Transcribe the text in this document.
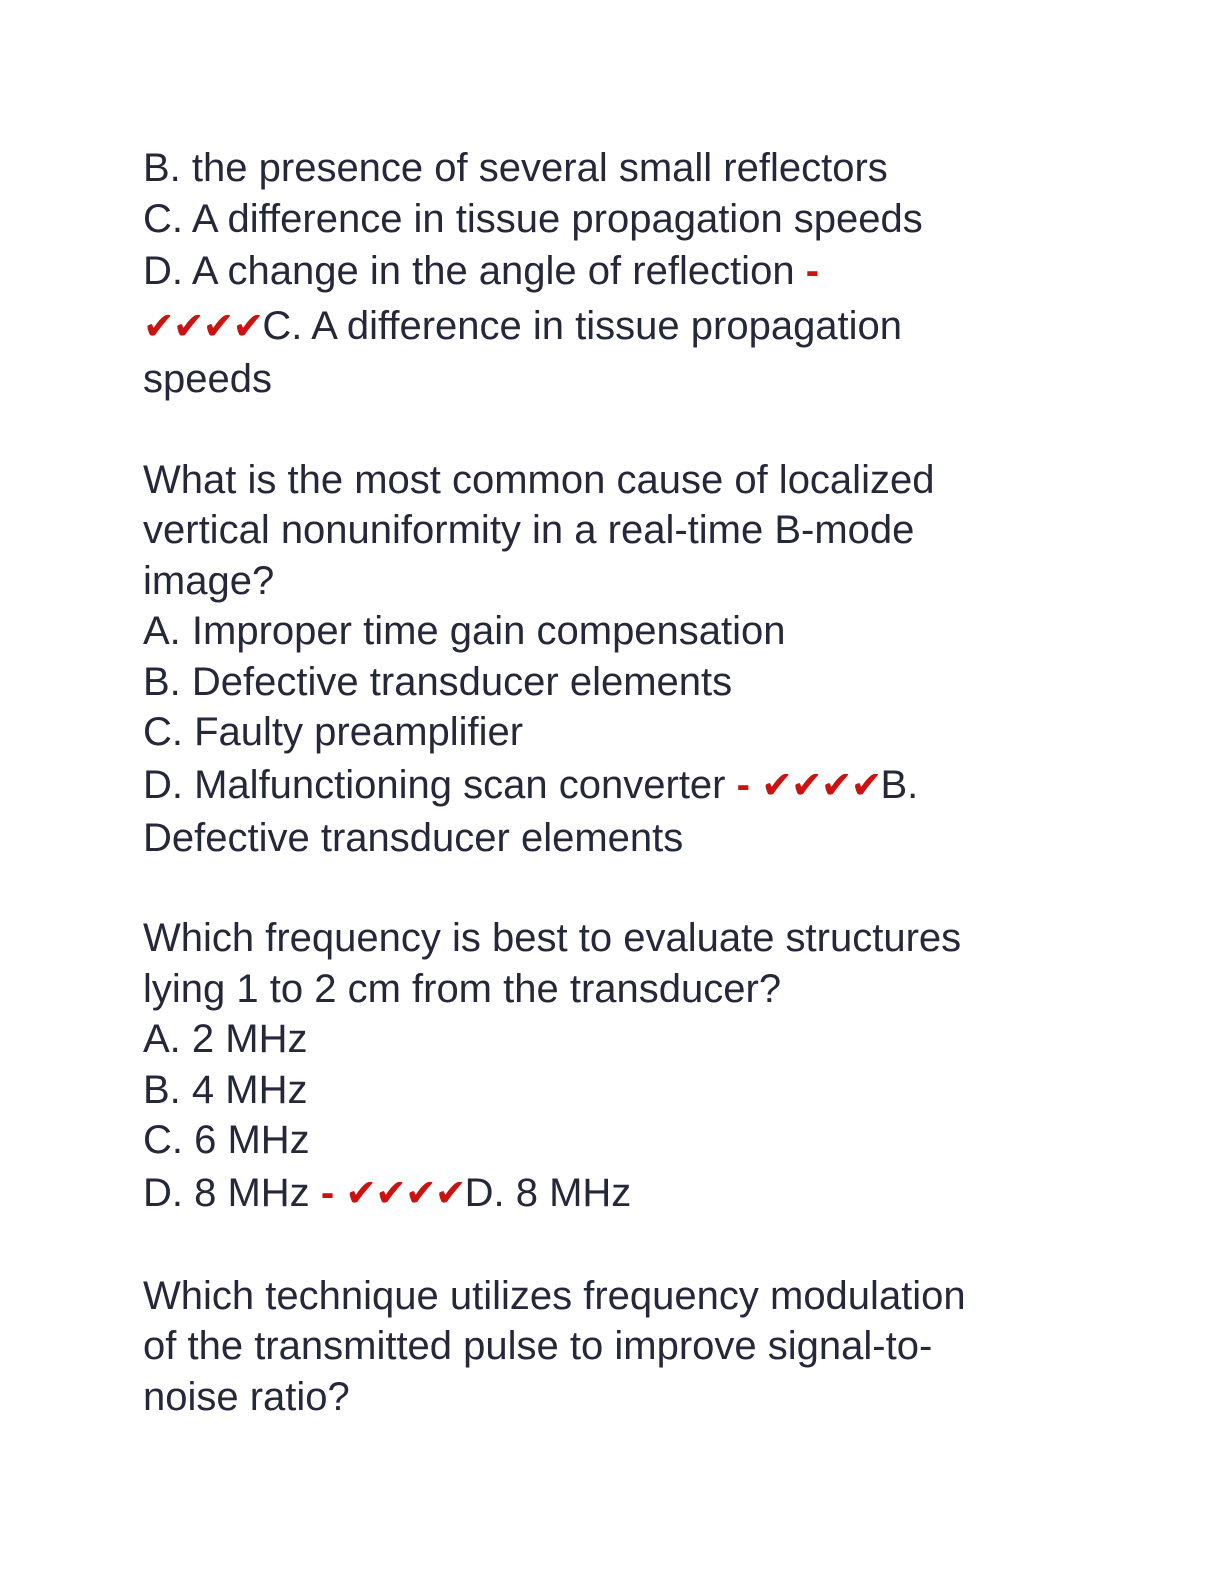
B. the presence of several small reflectors
C. A difference in tissue propagation speeds
D. A change in the angle of reflection -
✔✔✔✔C. A difference in tissue propagation
speeds
What is the most common cause of localized
vertical nonuniformity in a real-time B-mode
image?
A. Improper time gain compensation
B. Defective transducer elements
C. Faulty preamplifier
D. Malfunctioning scan converter - ✔✔✔✔B.
Defective transducer elements
Which frequency is best to evaluate structures
lying 1 to 2 cm from the transducer?
A. 2 MHz
B. 4 MHz
C. 6 MHz
D. 8 MHz - ✔✔✔✔D. 8 MHz
Which technique utilizes frequency modulation
of the transmitted pulse to improve signal-to-
noise ratio?
